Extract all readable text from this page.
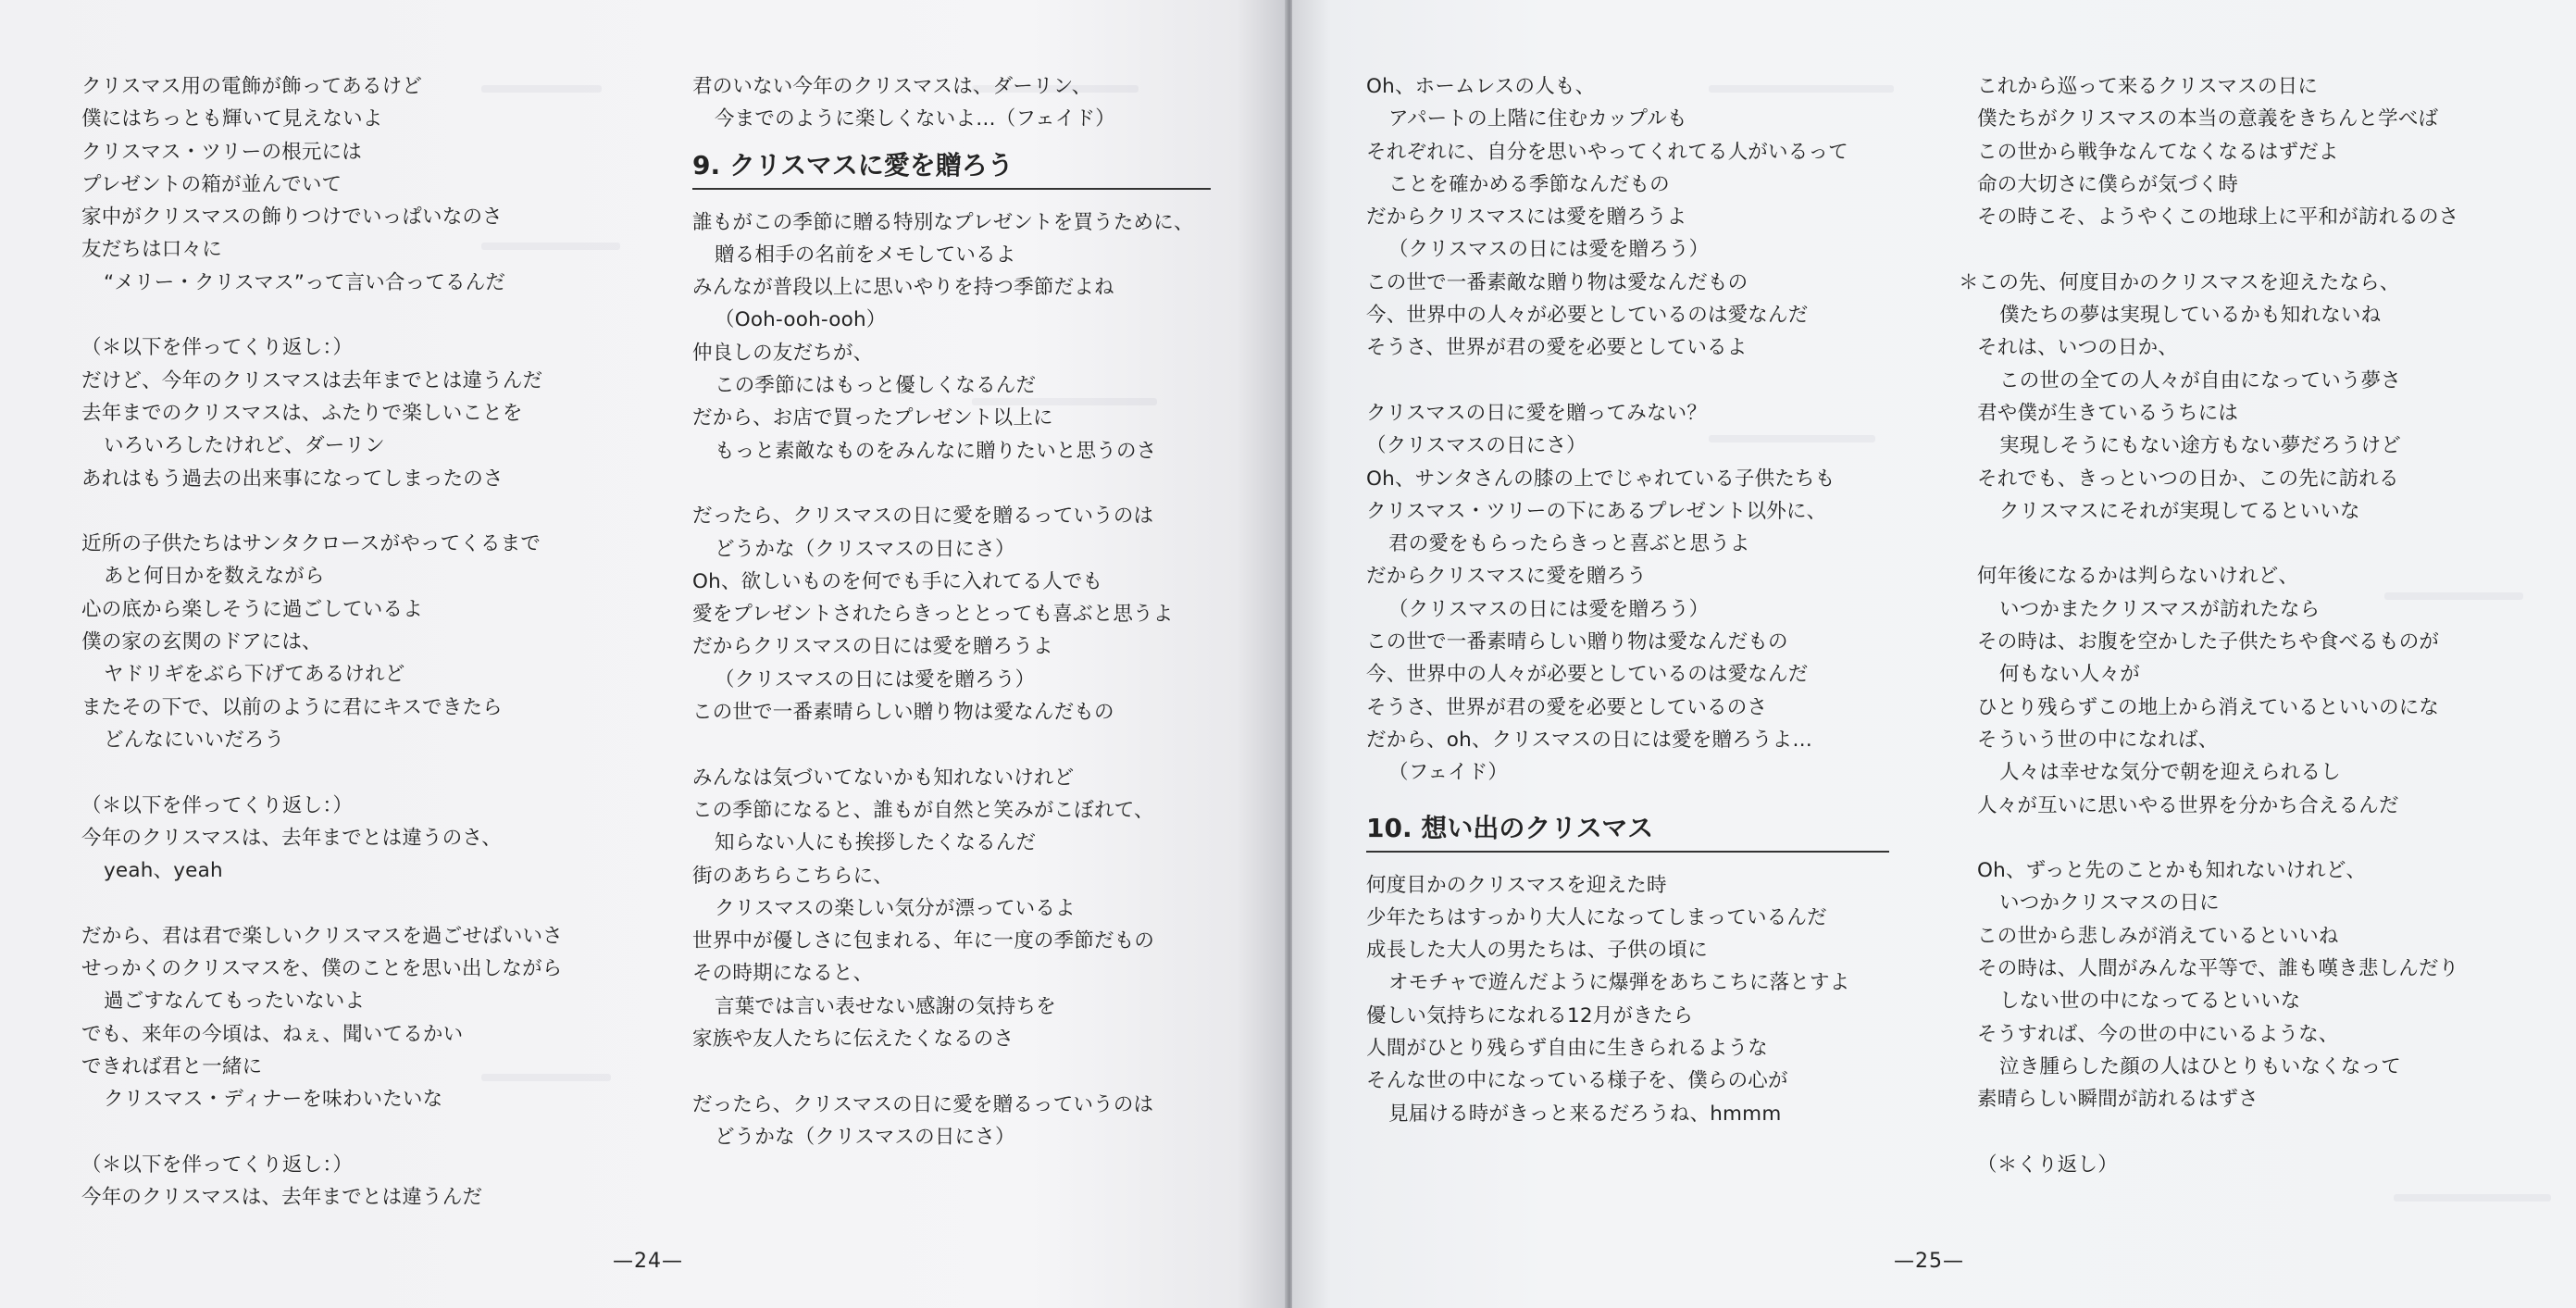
クリスマス用の電飾が飾ってあるけど
僕にはちっとも輝いて見えないよ
クリスマス・ツリーの根元には
プレゼントの箱が並んでいて
家中がクリスマスの飾りつけでいっぱいなのさ
友だちは口々に
“メリー・クリスマス”って言い合ってるんだ
（＊以下を伴ってくり返し：）
だけど、今年のクリスマスは去年までとは違うんだ
去年までのクリスマスは、ふたりで楽しいことを
いろいろしたけれど、ダーリン
あれはもう過去の出来事になってしまったのさ
近所の子供たちはサンタクロースがやってくるまで
あと何日かを数えながら
心の底から楽しそうに過ごしているよ
僕の家の玄関のドアには、
ヤドリギをぶら下げてあるけれど
またその下で、以前のように君にキスできたら
どんなにいいだろう
（＊以下を伴ってくり返し：）
今年のクリスマスは、去年までとは違うのさ、
yeah、yeah
だから、君は君で楽しいクリスマスを過ごせばいいさ
せっかくのクリスマスを、僕のことを思い出しながら
過ごすなんてもったいないよ
でも、来年の今頃は、ねぇ、聞いてるかい
できれば君と一緒に
クリスマス・ディナーを味わいたいな
（＊以下を伴ってくり返し：）
今年のクリスマスは、去年までとは違うんだ
君のいない今年のクリスマスは、ダーリン、
今までのように楽しくないよ…（フェイド）
9. クリスマスに愛を贈ろう
誰もがこの季節に贈る特別なプレゼントを買うために、
贈る相手の名前をメモしているよ
みんなが普段以上に思いやりを持つ季節だよね
（Ooh-ooh-ooh）
仲良しの友だちが、
この季節にはもっと優しくなるんだ
だから、お店で買ったプレゼント以上に
もっと素敵なものをみんなに贈りたいと思うのさ
だったら、クリスマスの日に愛を贈るっていうのは
どうかな（クリスマスの日にさ）
Oh、欲しいものを何でも手に入れてる人でも
愛をプレゼントされたらきっととっても喜ぶと思うよ
だからクリスマスの日には愛を贈ろうよ
（クリスマスの日には愛を贈ろう）
この世で一番素晴らしい贈り物は愛なんだもの
みんなは気づいてないかも知れないけれど
この季節になると、誰もが自然と笑みがこぼれて、
知らない人にも挨拶したくなるんだ
街のあちらこちらに、
クリスマスの楽しい気分が漂っているよ
世界中が優しさに包まれる、年に一度の季節だもの
その時期になると、
言葉では言い表せない感謝の気持ちを
家族や友人たちに伝えたくなるのさ
だったら、クリスマスの日に愛を贈るっていうのは
どうかな（クリスマスの日にさ）
—24—
Oh、ホームレスの人も、
アパートの上階に住むカップルも
それぞれに、自分を思いやってくれてる人がいるって
ことを確かめる季節なんだもの
だからクリスマスには愛を贈ろうよ
（クリスマスの日には愛を贈ろう）
この世で一番素敵な贈り物は愛なんだもの
今、世界中の人々が必要としているのは愛なんだ
そうさ、世界が君の愛を必要としているよ
クリスマスの日に愛を贈ってみない？
（クリスマスの日にさ）
Oh、サンタさんの膝の上でじゃれている子供たちも
クリスマス・ツリーの下にあるプレゼント以外に、
君の愛をもらったらきっと喜ぶと思うよ
だからクリスマスに愛を贈ろう
（クリスマスの日には愛を贈ろう）
この世で一番素晴らしい贈り物は愛なんだもの
今、世界中の人々が必要としているのは愛なんだ
そうさ、世界が君の愛を必要としているのさ
だから、oh、クリスマスの日には愛を贈ろうよ…
（フェイド）
10. 想い出のクリスマス
何度目かのクリスマスを迎えた時
少年たちはすっかり大人になってしまっているんだ
成長した大人の男たちは、子供の頃に
オモチャで遊んだように爆弾をあちこちに落とすよ
優しい気持ちになれる12月がきたら
人間がひとり残らず自由に生きられるような
そんな世の中になっている様子を、僕らの心が
見届ける時がきっと来るだろうね、hmmm
これから巡って来るクリスマスの日に
僕たちがクリスマスの本当の意義をきちんと学べば
この世から戦争なんてなくなるはずだよ
命の大切さに僕らが気づく時
その時こそ、ようやくこの地球上に平和が訪れるのさ
＊この先、何度目かのクリスマスを迎えたなら、
僕たちの夢は実現しているかも知れないね
それは、いつの日か、
この世の全ての人々が自由になっていう夢さ
君や僕が生きているうちには
実現しそうにもない途方もない夢だろうけど
それでも、きっといつの日か、この先に訪れる
クリスマスにそれが実現してるといいな
何年後になるかは判らないけれど、
いつかまたクリスマスが訪れたなら
その時は、お腹を空かした子供たちや食べるものが
何もない人々が
ひとり残らずこの地上から消えているといいのにな
そういう世の中になれば、
人々は幸せな気分で朝を迎えられるし
人々が互いに思いやる世界を分かち合えるんだ
Oh、ずっと先のことかも知れないけれど、
いつかクリスマスの日に
この世から悲しみが消えているといいね
その時は、人間がみんな平等で、誰も嘆き悲しんだり
しない世の中になってるといいな
そうすれば、今の世の中にいるような、
泣き腫らした顔の人はひとりもいなくなって
素晴らしい瞬間が訪れるはずさ
（＊くり返し）
—25—
